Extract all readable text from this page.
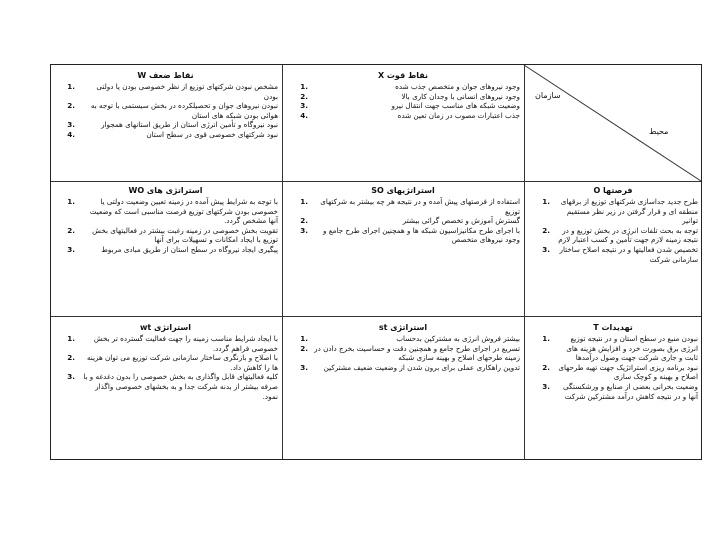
سازمان
محیط
نقاط ضعف W
1.	مشخص نبودن شرکتهای توزیع از نظر خصوصی بودن یا دولتی بودن
2.	نبودن نیروهای جوان و تحصیلکرده در بخش سیستمی با توجه به هوائی بودن شبکه های استان
3.	نبود نیروگاه و تأمین انرژی استان از طریق استانهای همجوار
4.	نبود شرکتهای خصوصی قوی در سطح استان
نقاط قوت X
1.	وجود نیروهای جوان و متخصص جذب شده
2.	وجود نیروهای انسانی با وجدان کاری بالا
3.	وضعیت شبکه های مناسب جهت انتقال نیرو
4.	جذب اعتبارات مصوب در زمان تعین شده
استراتژی های WO
1.	با توجه به شرایط پیش آمده در زمینه تعیین وضعیت دولتی یا خصوصی بودن شرکتهای توزیع فرصت مناسبی است که وضعیت آنها مشخص گردد.
2.	تقویت بخش خصوصی در زمینه رغبت بیشتر در فعالیتهای بخش توزیع با ایجاد امکانات و تسهیلات برای آنها
3.	پیگیری ایجاد نیروگاه در سطح استان از طریق مبادی مربوط
استراتژیهای SO
1.	استفاده از فرصتهای پیش آمده و در نتیجه هر چه بیشتر به شرکتهای توزیع
2.	گسترش آموزش و تخصص گرائی بیشتر
3.	با اجرای طرح مکانیزاسیون شبکه ها و همچنین اجرای طرح جامع و وجود نیروهای متخصص
فرصتها O
1.	طرح جدید جداسازی شرکتهای توزیع از برقهای منطقه ای و قرار گرفتن در زیر نظر مستقیم توانیر
2.	توجه به بحث تلفات انرژی در بخش توزیع و در نتیجه زمینه لازم جهت تأمین و کسب اعتبار لازم
3.	تخصیص شدن فعالیتها و در نتیجه اصلاح ساختار سازمانی شرکت
استراتژی wt
1.	با ایجاد شرایط مناسب زمینه را جهت فعالیت گسترده تر بخش خصوصی فراهم گردد.
2.	با اصلاح و بازنگری ساختار سازمانی شرکت توزیع می توان هزینه ها را کاهش داد.
3.	کلیه فعالیتهای قابل واگذاری به بخش خصوصی را بدون دغدغه و با صرفه بیشتر از بدنه شرکت جدا و به بخشهای خصوصی واگذار نمود.
استراتژی st
1.	بیشتر فروش انرژی به مشترکین بدحساب
2. تسریع در اجرای طرح جامع و همچنین دقت و حساسیت بخرج دادن در زمینه طرحهای اصلاح و بهینه سازی شبکه
3.	تدوین راهکاری عملی برای برون شدن از وضعیت ضعیف مشترکین
تهدیدات T
1.	نبودن منبع در سطح استان و در نتیجه توزیع انرژی برق بصورت خرد و افزایش هزینه های ثابت و جاری شرکت جهت وصول درآمدها
2.	نبود برنامه ریزی استراتژیک جهت تهیه طرحهای اصلاح و بهینه و کوچک سازی
3.	وضعیت بحرانی بعضی از صنایع و ورشکستگی آنها و در نتیجه کاهش درآمد مشترکین شرکت
